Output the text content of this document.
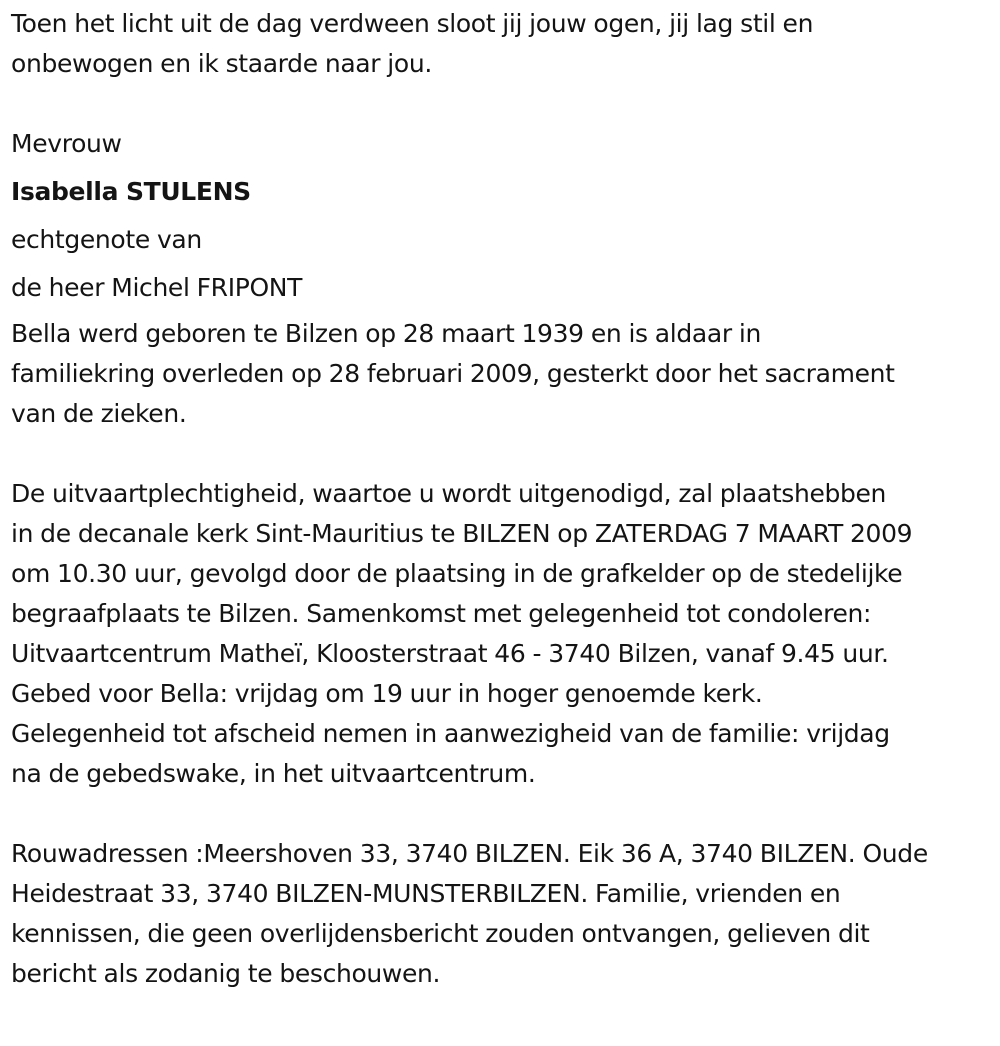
Toen het licht uit de dag verdween sloot jij jouw ogen, jij lag stil en

onbewogen en ik staarde naar jou.

Mevrouw

Isabella STULENS

echtgenote van

de heer Michel FRIPONT

Bella werd geboren te Bilzen op 28 maart 1939 en is aldaar in

familiekring overleden op 28 februari 2009, gesterkt door het sacrament

van de zieken.

De uitvaartplechtigheid, waartoe u wordt uitgenodigd, zal plaatshebben

in de decanale kerk Sint-Mauritius te BILZEN op ZATERDAG 7 MAART 2009

om 10.30 uur, gevolgd door de plaatsing in de grafkelder op de stedelijke

begraafplaats te Bilzen. Samenkomst met gelegenheid tot condoleren:

Uitvaartcentrum Matheï, Kloosterstraat 46 - 3740 Bilzen, vanaf 9.45 uur.

Gebed voor Bella: vrijdag om 19 uur in hoger genoemde kerk.

Gelegenheid tot afscheid nemen in aanwezigheid van de familie: vrijdag

na de gebedswake, in het uitvaartcentrum.

Rouwadressen :Meershoven 33, 3740 BILZEN. Eik 36 A, 3740 BILZEN. Oude

Heidestraat 33, 3740 BILZEN-MUNSTERBILZEN. Familie, vrienden en

kennissen, die geen overlijdensbericht zouden ontvangen, gelieven dit

bericht als zodanig te beschouwen.
